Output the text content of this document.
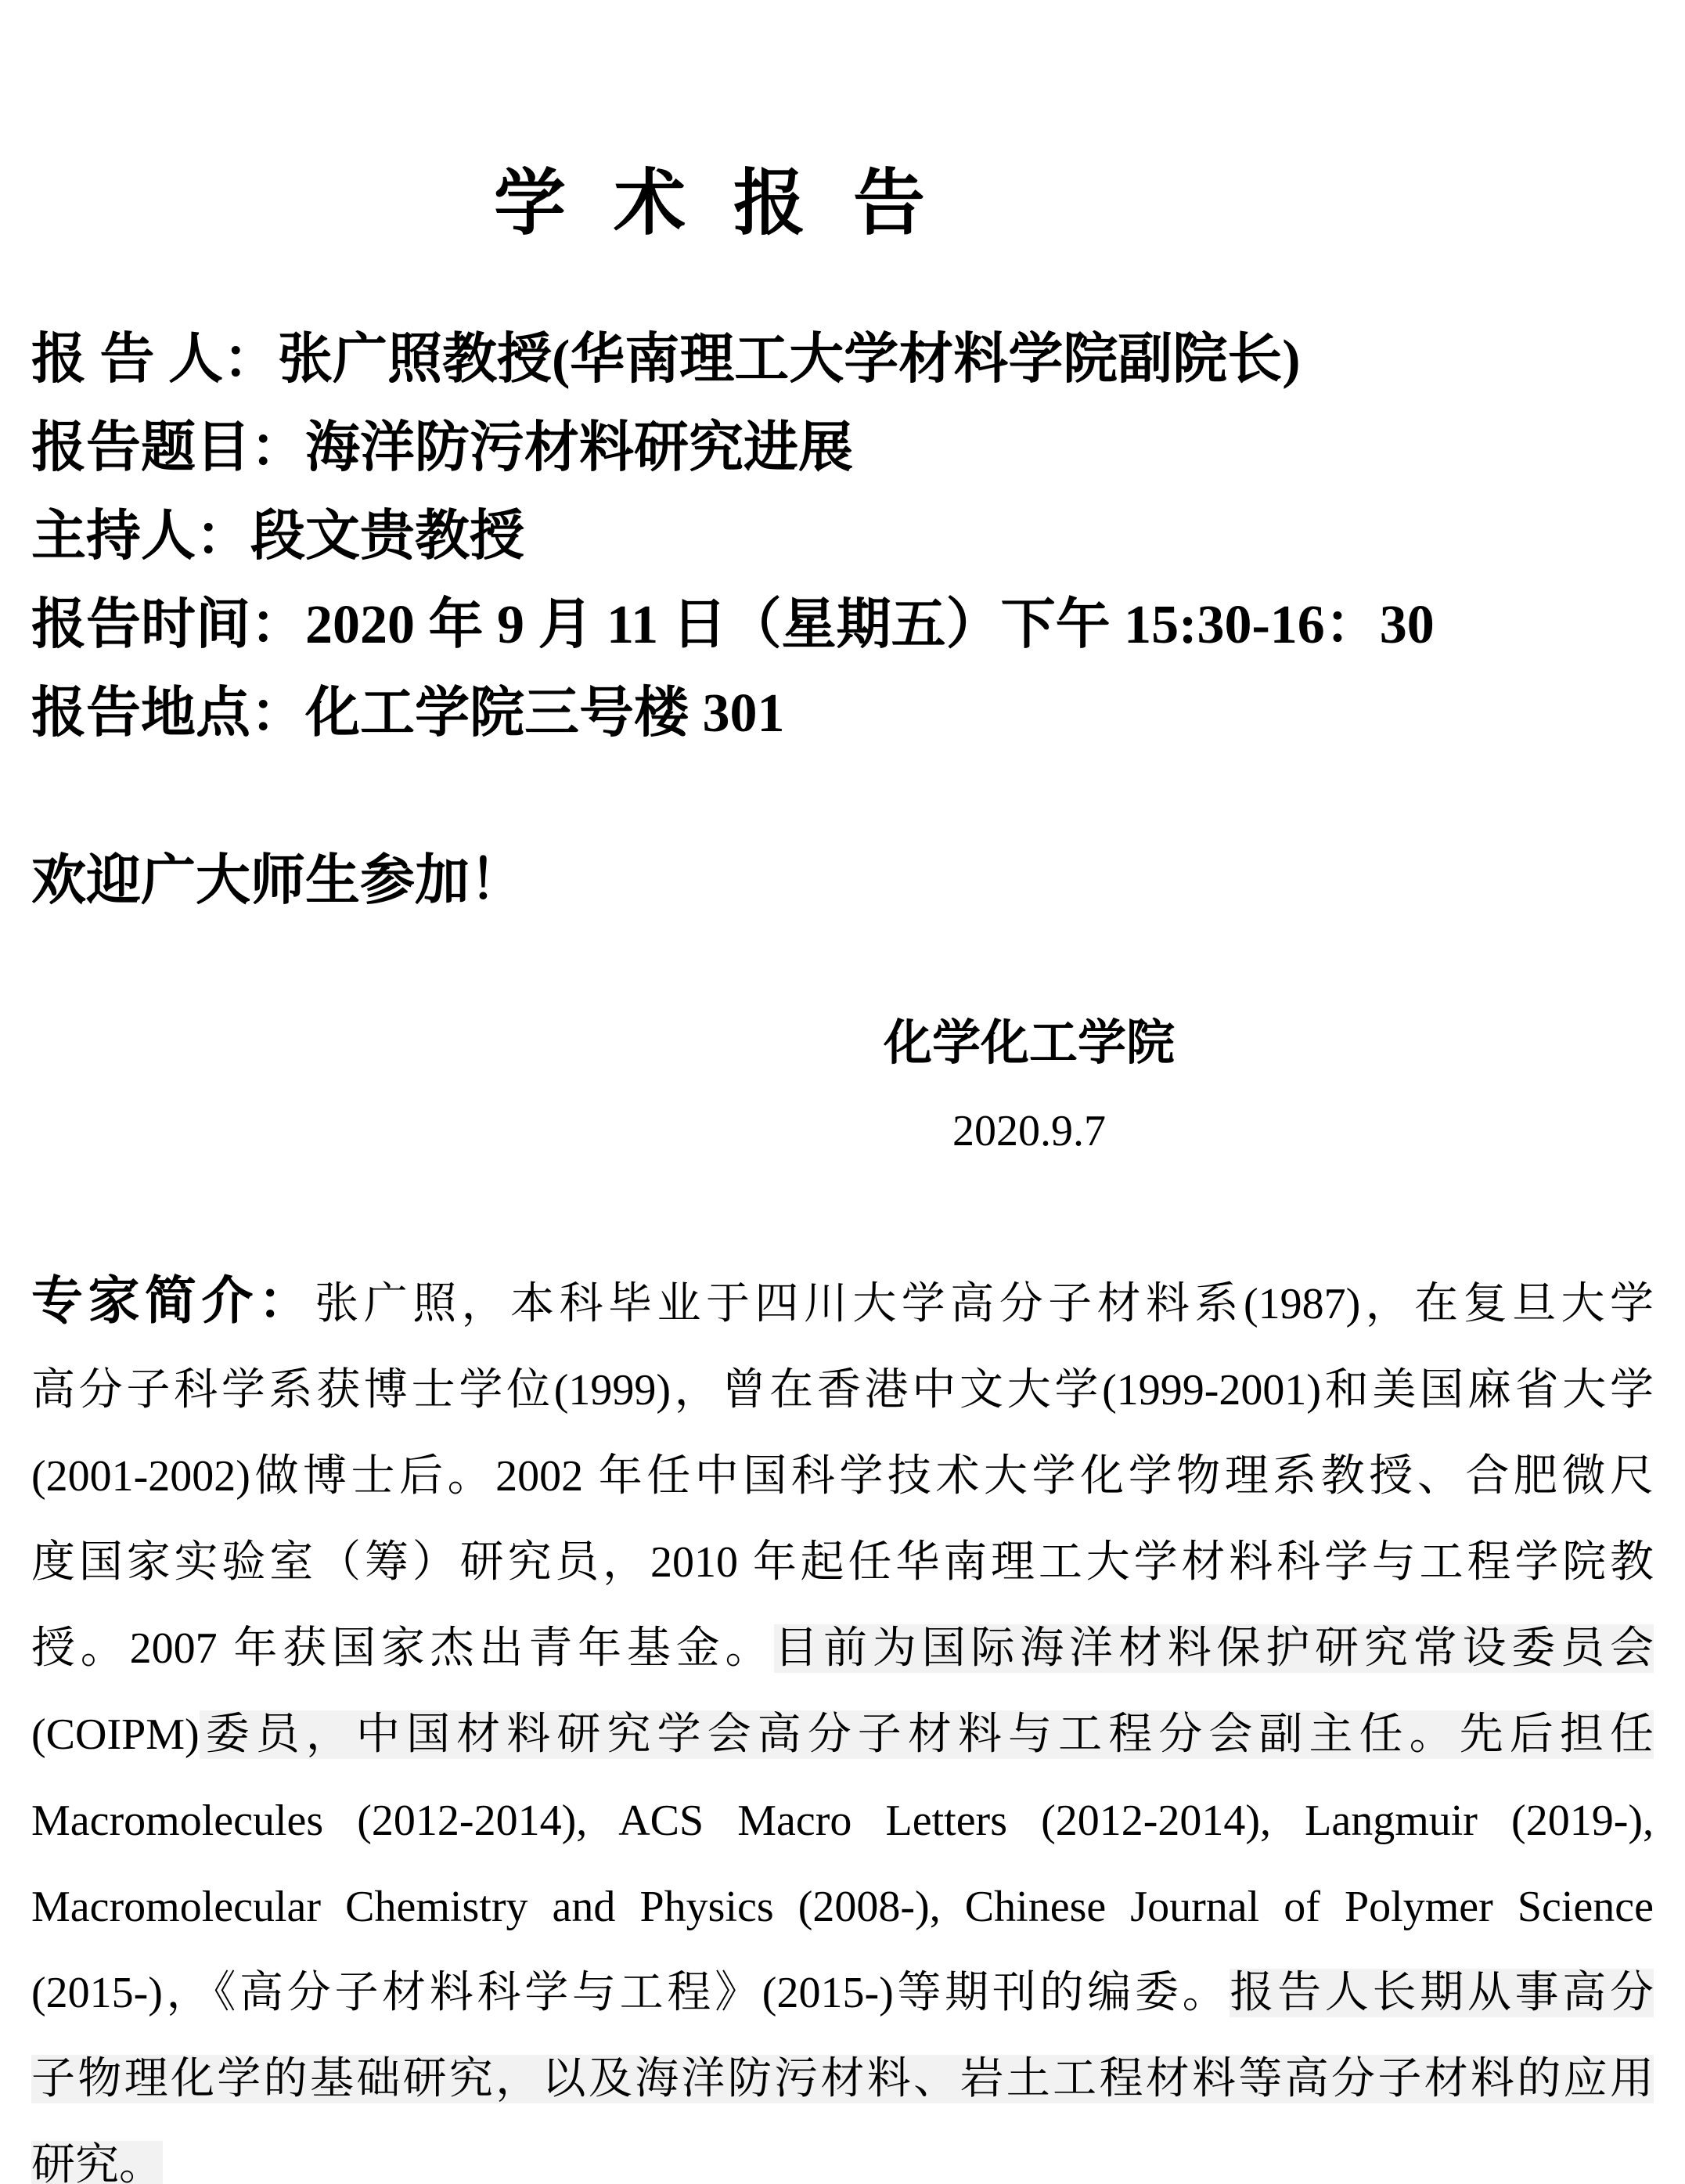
学 术 报 告
报 告 人：张广照教授(华南理工大学材料学院副院长)
报告题目：海洋防污材料研究进展
主持人：段文贵教授
报告时间：2020 年 9 月 11 日（星期五）下午 15:30-16：30
报告地点：化工学院三号楼 301
欢迎广大师生参加！
化学化工学院
2020.9.7
专家简介：张广照，本科毕业于四川大学高分子材料系(1987)，在复旦大学
高分子科学系获博士学位(1999)，曾在香港中文大学(1999-2001)和美国麻省大学
(2001-2002)做博士后。2002 年任中国科学技术大学化学物理系教授、合肥微尺
度国家实验室（筹）研究员，2010 年起任华南理工大学材料科学与工程学院教
授。2007 年获国家杰出青年基金。目前为国际海洋材料保护研究常设委员会
(COIPM)委员，中国材料研究学会高分子材料与工程分会副主任。先后担任
Macromolecules (2012-2014), ACS Macro Letters (2012-2014), Langmuir (2019-),
Macromolecular Chemistry and Physics (2008-), Chinese Journal of Polymer Science
(2015-)，《高分子材料科学与工程》(2015-)等期刊的编委。报告人长期从事高分
子物理化学的基础研究，以及海洋防污材料、岩土工程材料等高分子材料的应用
研究。
